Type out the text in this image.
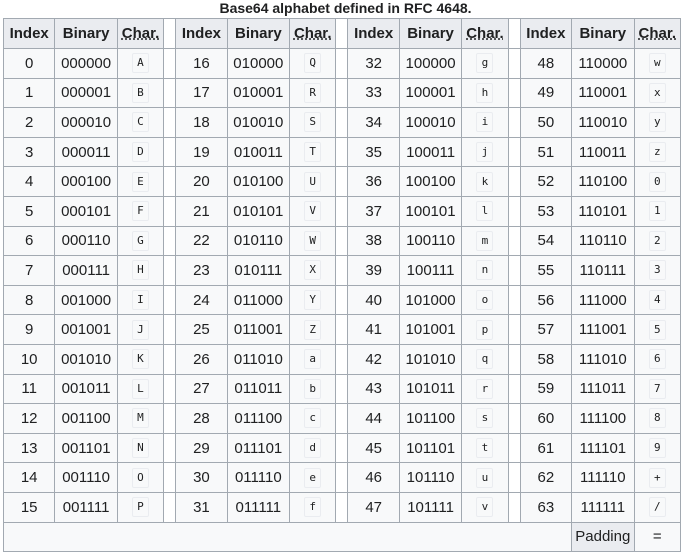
Base64 alphabet defined in RFC 4648.
Index	Binary	Char.		Index	Binary	Char.		Index	Binary	Char.		Index	Binary	Char.
0	000000	A		16	010000	Q		32	100000	g		48	110000	w
1	000001	B		17	010001	R		33	100001	h		49	110001	x
2	000010	C		18	010010	S		34	100010	i		50	110010	y
3	000011	D		19	010011	T		35	100011	j		51	110011	z
4	000100	E		20	010100	U		36	100100	k		52	110100	0
5	000101	F		21	010101	V		37	100101	l		53	110101	1
6	000110	G		22	010110	W		38	100110	m		54	110110	2
7	000111	H		23	010111	X		39	100111	n		55	110111	3
8	001000	I		24	011000	Y		40	101000	o		56	111000	4
9	001001	J		25	011001	Z		41	101001	p		57	111001	5
10	001010	K		26	011010	a		42	101010	q		58	111010	6
11	001011	L		27	011011	b		43	101011	r		59	111011	7
12	001100	M		28	011100	c		44	101100	s		60	111100	8
13	001101	N		29	011101	d		45	101101	t		61	111101	9
14	001110	O		30	011110	e		46	101110	u		62	111110	+
15	001111	P		31	011111	f		47	101111	v		63	111111	/
													Padding	=
